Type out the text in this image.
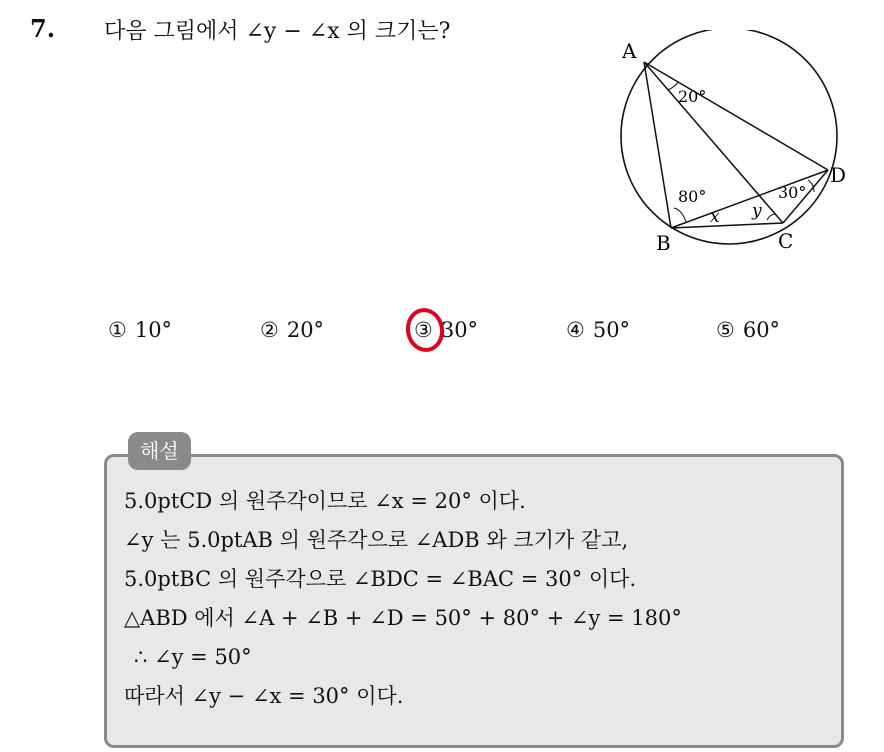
7. 다음 그림에서 ∠y − ∠x 의 크기는?
A
B	C
D
20°
80°	30°
x y
① 10°	② 20°	③ 30°	④ 50°	⑤ 60°
해설
5.0ptCD 의 원주각이므로 ∠x = 20° 이다.
∠y 는 5.0ptAB 의 원주각으로 ∠ADB 와 크기가 같고,
5.0ptBC 의 원주각으로 ∠BDC = ∠BAC = 30° 이다.
△ABD 에서 ∠A + ∠B + ∠D = 50° + 80° + ∠y = 180°
∴ ∠y = 50°
따라서 ∠y − ∠x = 30° 이다.
